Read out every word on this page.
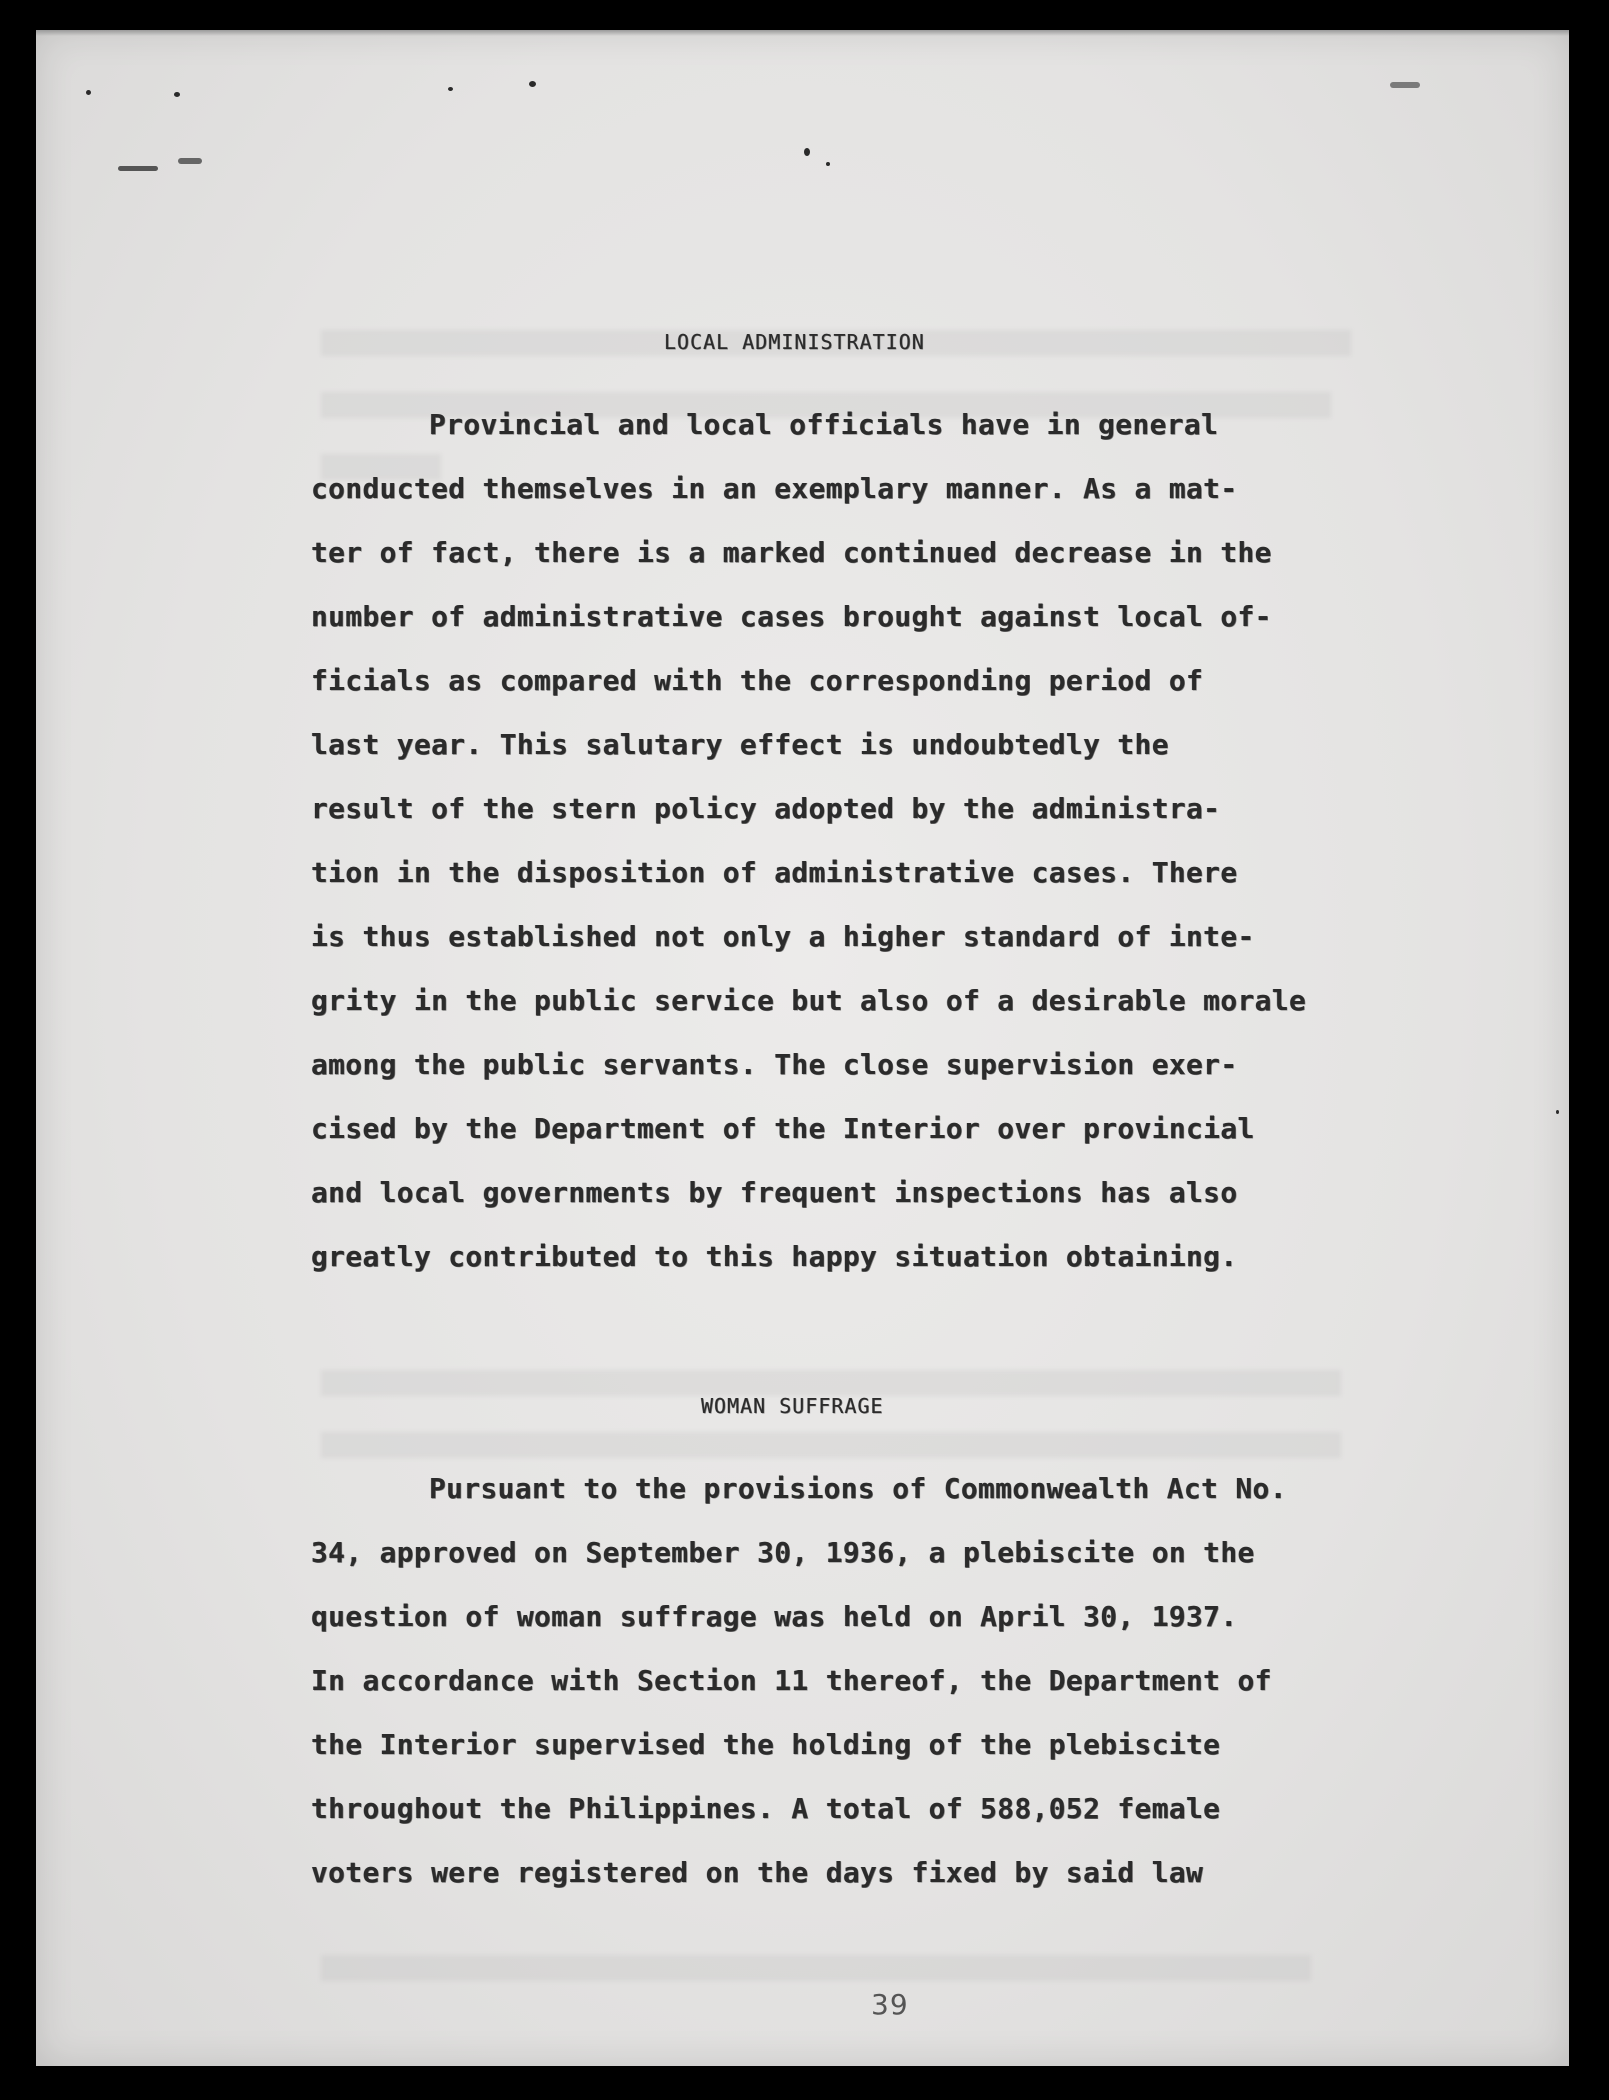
LOCAL ADMINISTRATION
Provincial and local officials have in general
conducted themselves in an exemplary manner. As a mat-
ter of fact, there is a marked continued decrease in the
number of administrative cases brought against local of-
ficials as compared with the corresponding period of
last year. This salutary effect is undoubtedly the
result of the stern policy adopted by the administra-
tion in the disposition of administrative cases. There
is thus established not only a higher standard of inte-
grity in the public service but also of a desirable morale
among the public servants. The close supervision exer-
cised by the Department of the Interior over provincial
and local governments by frequent inspections has also
greatly contributed to this happy situation obtaining.
WOMAN SUFFRAGE
Pursuant to the provisions of Commonwealth Act No.
34, approved on September 30, 1936, a plebiscite on the
question of woman suffrage was held on April 30, 1937.
In accordance with Section 11 thereof, the Department of
the Interior supervised the holding of the plebiscite
throughout the Philippines. A total of 588,052 female
voters were registered on the days fixed by said law
39
